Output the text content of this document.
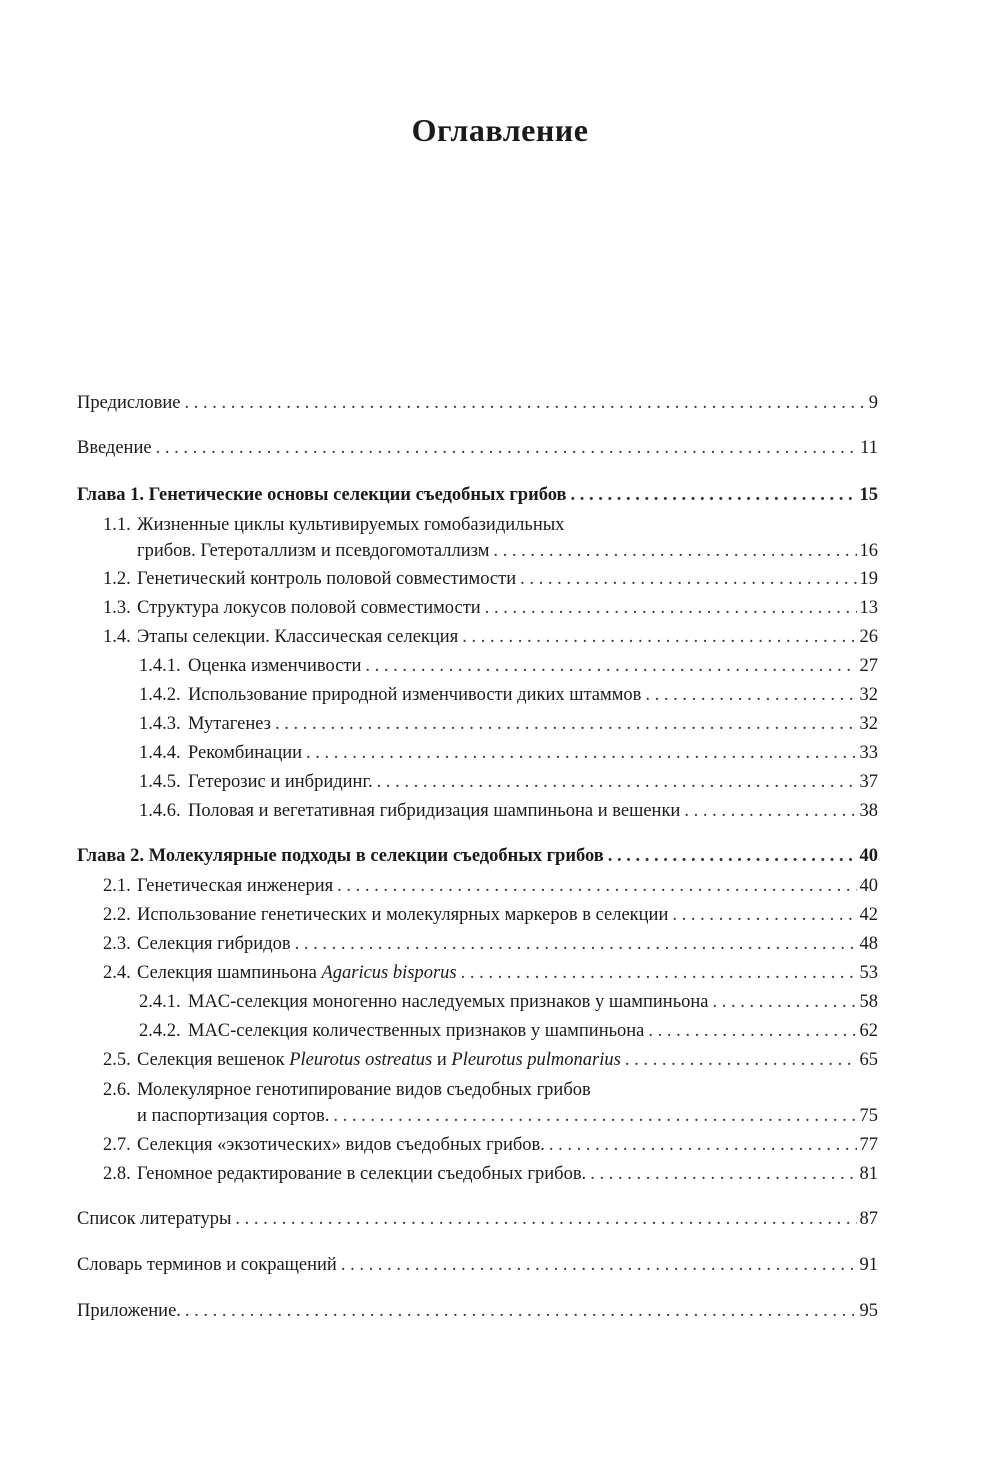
Оглавление
Предисловие . . .	9
Введение . . .	11
Глава 1. Генетические основы селекции съедобных грибов . . .	15
1.1. Жизненные циклы культивируемых гомобазидильных
грибов. Гетероталлизм и псевдогомоталлизм . . .	16
1.2. Генетический контроль половой совместимости . . .	19
1.3. Структура локусов половой совместимости . . .	13
1.4. Этапы селекции. Классическая селекция . . .	26
1.4.1. Оценка изменчивости . . .	27
1.4.2. Использование природной изменчивости диких штаммов . . .	32
1.4.3. Мутагенез . . .	32
1.4.4. Рекомбинации . . .	33
1.4.5. Гетерозис и инбридинг. . . .	37
1.4.6. Половая и вегетативная гибридизация шампиньона и вешенки . . .	38
Глава 2. Молекулярные подходы в селекции съедобных грибов . . .	40
2.1. Генетическая инженерия . . .	40
2.2. Использование генетических и молекулярных маркеров в селекции . . .	42
2.3. Селекция гибридов . . .	48
2.4. Селекция шампиньона Agaricus bisporus . . .	53
2.4.1. MAC-селекция моногенно наследуемых признаков у шампиньона . . .	58
2.4.2. MAC-селекция количественных признаков у шампиньона . . .	62
2.5. Селекция вешенок Pleurotus ostreatus и Pleurotus pulmonarius . . .	65
2.6. Молекулярное генотипирование видов съедобных грибов
и паспортизация сортов. . . .	75
2.7. Селекция «экзотических» видов съедобных грибов. . . .	77
2.8. Геномное редактирование в селекции съедобных грибов. . . .	81
Список литературы . . .	87
Словарь терминов и сокращений . . .	91
Приложение. . . .	95
